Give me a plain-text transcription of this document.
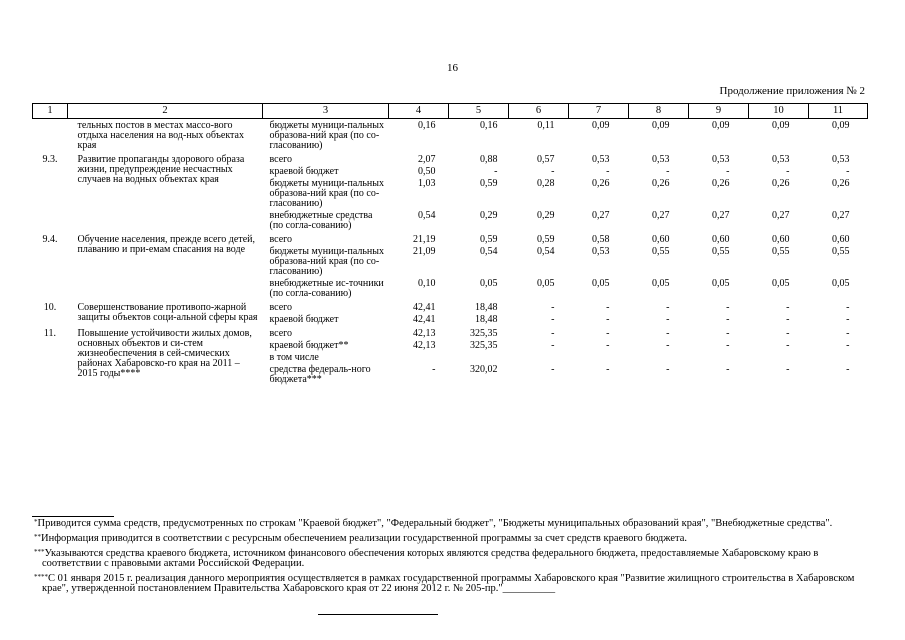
16
Продолжение приложения № 2
1	2	3	4	5	6	7	8	9	10	11
	тельных постов в местах массо-вого отдыха населения на вод-ных объектах края	бюджеты муници-пальных образова-ний края (по со-гласованию)	0,16	0,16	0,11	0,09	0,09	0,09	0,09	0,09
9.3.	Развитие пропаганды здорового образа жизни, предупреждение несчастных случаев на водных объектах края	всего	2,07	0,88	0,57	0,53	0,53	0,53	0,53	0,53
		краевой бюджет	0,50	-	-	-	-	-	-	-
		бюджеты муници-пальных образова-ний края (по со-гласованию)	1,03	0,59	0,28	0,26	0,26	0,26	0,26	0,26
		внебюджетные средства (по согла-сованию)	0,54	0,29	0,29	0,27	0,27	0,27	0,27	0,27
9.4.	Обучение населения, прежде всего детей, плаванию и при-емам спасания на воде	всего	21,19	0,59	0,59	0,58	0,60	0,60	0,60	0,60
		бюджеты муници-пальных образова-ний края (по со-гласованию)	21,09	0,54	0,54	0,53	0,55	0,55	0,55	0,55
		внебюджетные ис-точники (по согла-сованию)	0,10	0,05	0,05	0,05	0,05	0,05	0,05	0,05
10.	Совершенствование противопо-жарной защиты объектов соци-альной сферы края	всего	42,41	18,48	-	-	-	-	-	-
		краевой бюджет	42,41	18,48	-	-	-	-	-	-
11.	Повышение устойчивости жилых домов, основных объектов и си-стем жизнеобеспечения в сей-смических районах Хабаровско-го края на 2011 – 2015 годы****	всего	42,13	325,35	-	-	-	-	-	-
		краевой бюджет**	42,13	325,35	-	-	-	-	-	-
		в том числе								
		средства федераль-ного бюджета***	-	320,02	-	-	-	-	-	-
*Приводится сумма средств, предусмотренных по строкам "Краевой бюджет", "Федеральный бюджет", "Бюджеты муниципальных образований края", "Внебюджетные средства".
**Информация приводится в соответствии с ресурсным обеспечением реализации государственной программы за счет средств краевого бюджета.
***Указываются средства краевого бюджета, источником финансового обеспечения которых являются средства федерального бюджета, предоставляемые Хабаровскому краю в соответствии с правовыми актами Российской Федерации.
****С 01 января 2015 г. реализация данного мероприятия осуществляется в рамках государственной программы Хабаровского края "Развитие жилищного строительства в Хабаровском крае", утвержденной постановлением Правительства Хабаровского края от 22 июня 2012 г. № 205-пр."__________
